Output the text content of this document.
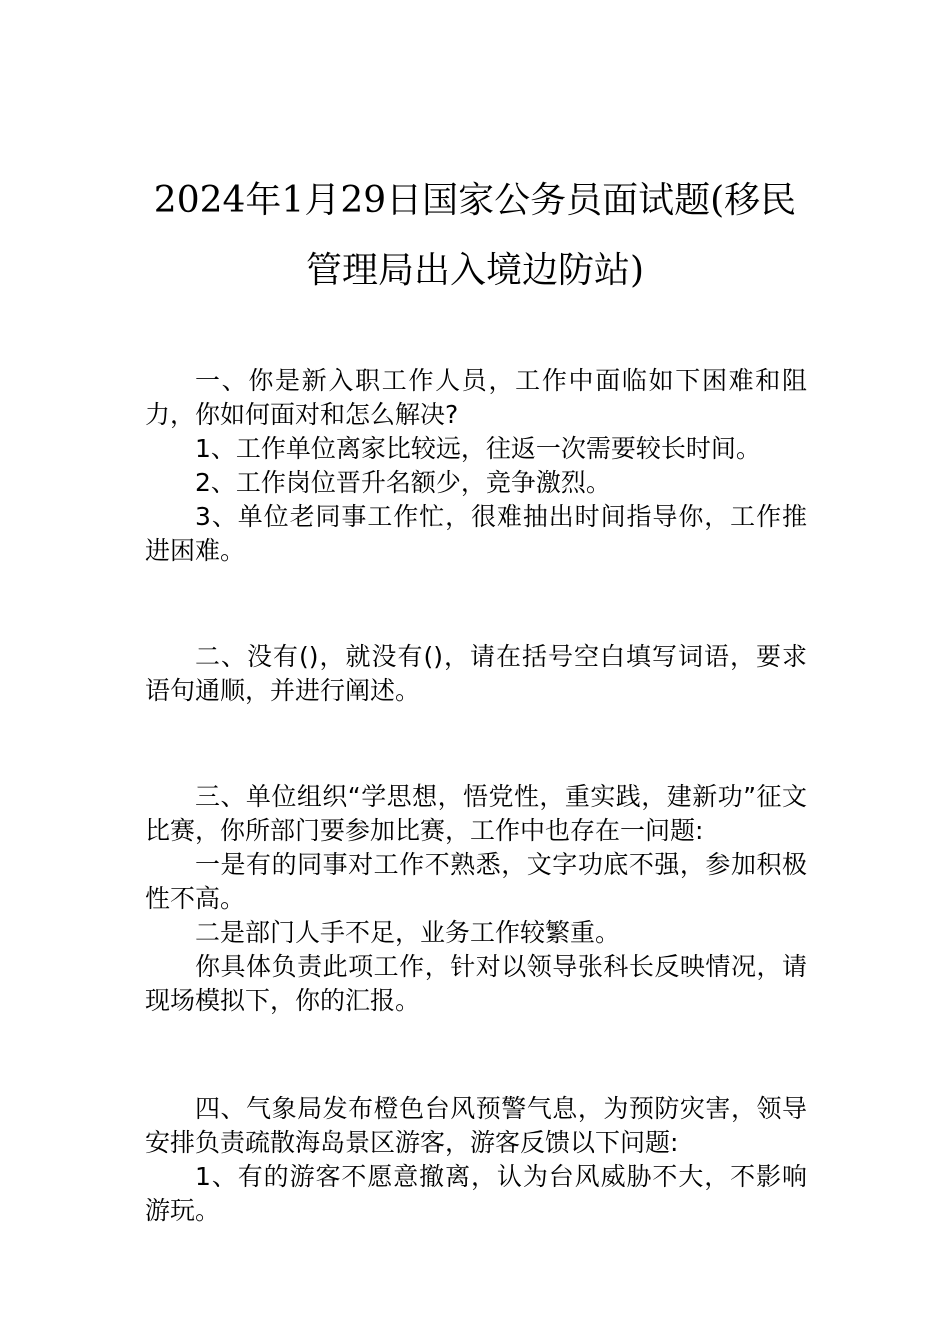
2024年1月29日国家公务员面试题(移民管理局出入境边防站)

一、你是新入职工作人员，工作中面临如下困难和阻力，你如何面对和怎么解决?

1、工作单位离家比较远，往返一次需要较长时间。

2、工作岗位晋升名额少，竞争激烈。

3、单位老同事工作忙，很难抽出时间指导你，工作推进困难。

二、没有()，就没有()，请在括号空白填写词语，要求语句通顺，并进行阐述。

三、单位组织“学思想，悟党性，重实践，建新功”征文比赛，你所部门要参加比赛，工作中也存在一问题:

一是有的同事对工作不熟悉，文字功底不强，参加积极性不高。

二是部门人手不足，业务工作较繁重。

你具体负责此项工作，针对以领导张科长反映情况，请现场模拟下，你的汇报。

四、气象局发布橙色台风预警气息，为预防灾害，领导安排负责疏散海岛景区游客，游客反馈以下问题:

1、有的游客不愿意撤离，认为台风威胁不大，不影响游玩。
